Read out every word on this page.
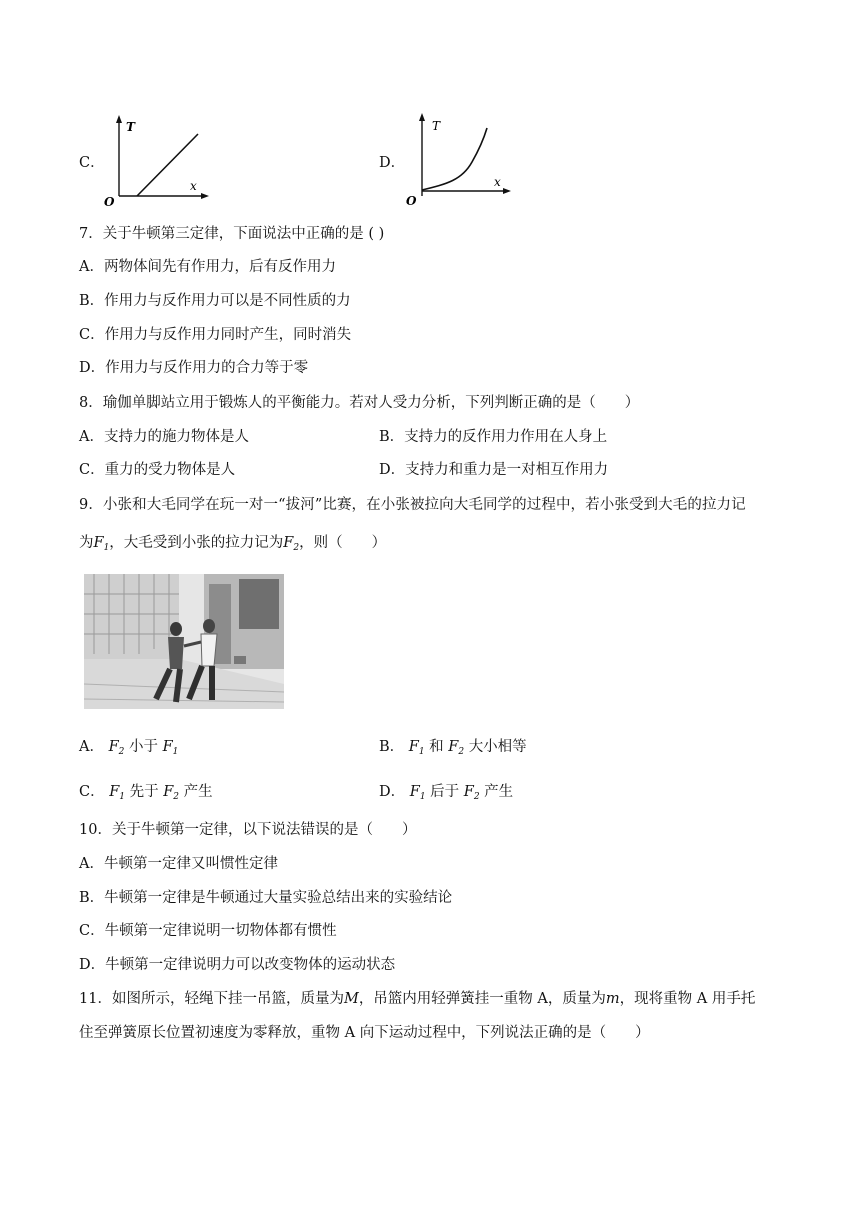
C．
T
x
O
D．
T
x
O
7．关于牛顿第三定律，下面说法中正确的是 ( )
A．两物体间先有作用力，后有反作用力
B．作用力与反作用力可以是不同性质的力
C．作用力与反作用力同时产生，同时消失
D．作用力与反作用力的合力等于零
8．瑜伽单脚站立用于锻炼人的平衡能力。若对人受力分析，下列判断正确的是（　　）
A．支持力的施力物体是人	B．支持力的反作用力作用在人身上
C．重力的受力物体是人	D．支持力和重力是一对相互作用力
9．小张和大毛同学在玩一对一“拔河”比赛，在小张被拉向大毛同学的过程中，若小张受到大毛的拉力记
为$F_1$，大毛受到小张的拉力记为$F_2$，则（　　）
A． $F_2$ 小于 $F_1$	B． $F_1$ 和 $F_2$ 大小相等
C． $F_1$ 先于 $F_2$ 产生	D． $F_1$ 后于 $F_2$ 产生
10．关于牛顿第一定律，以下说法错误的是（　　）
A．牛顿第一定律又叫惯性定律
B．牛顿第一定律是牛顿通过大量实验总结出来的实验结论
C．牛顿第一定律说明一切物体都有惯性
D．牛顿第一定律说明力可以改变物体的运动状态
11．如图所示，轻绳下挂一吊篮，质量为M，吊篮内用轻弹簧挂一重物 A，质量为m，现将重物 A 用手托
住至弹簧原长位置初速度为零释放，重物 A 向下运动过程中，下列说法正确的是（　　）
